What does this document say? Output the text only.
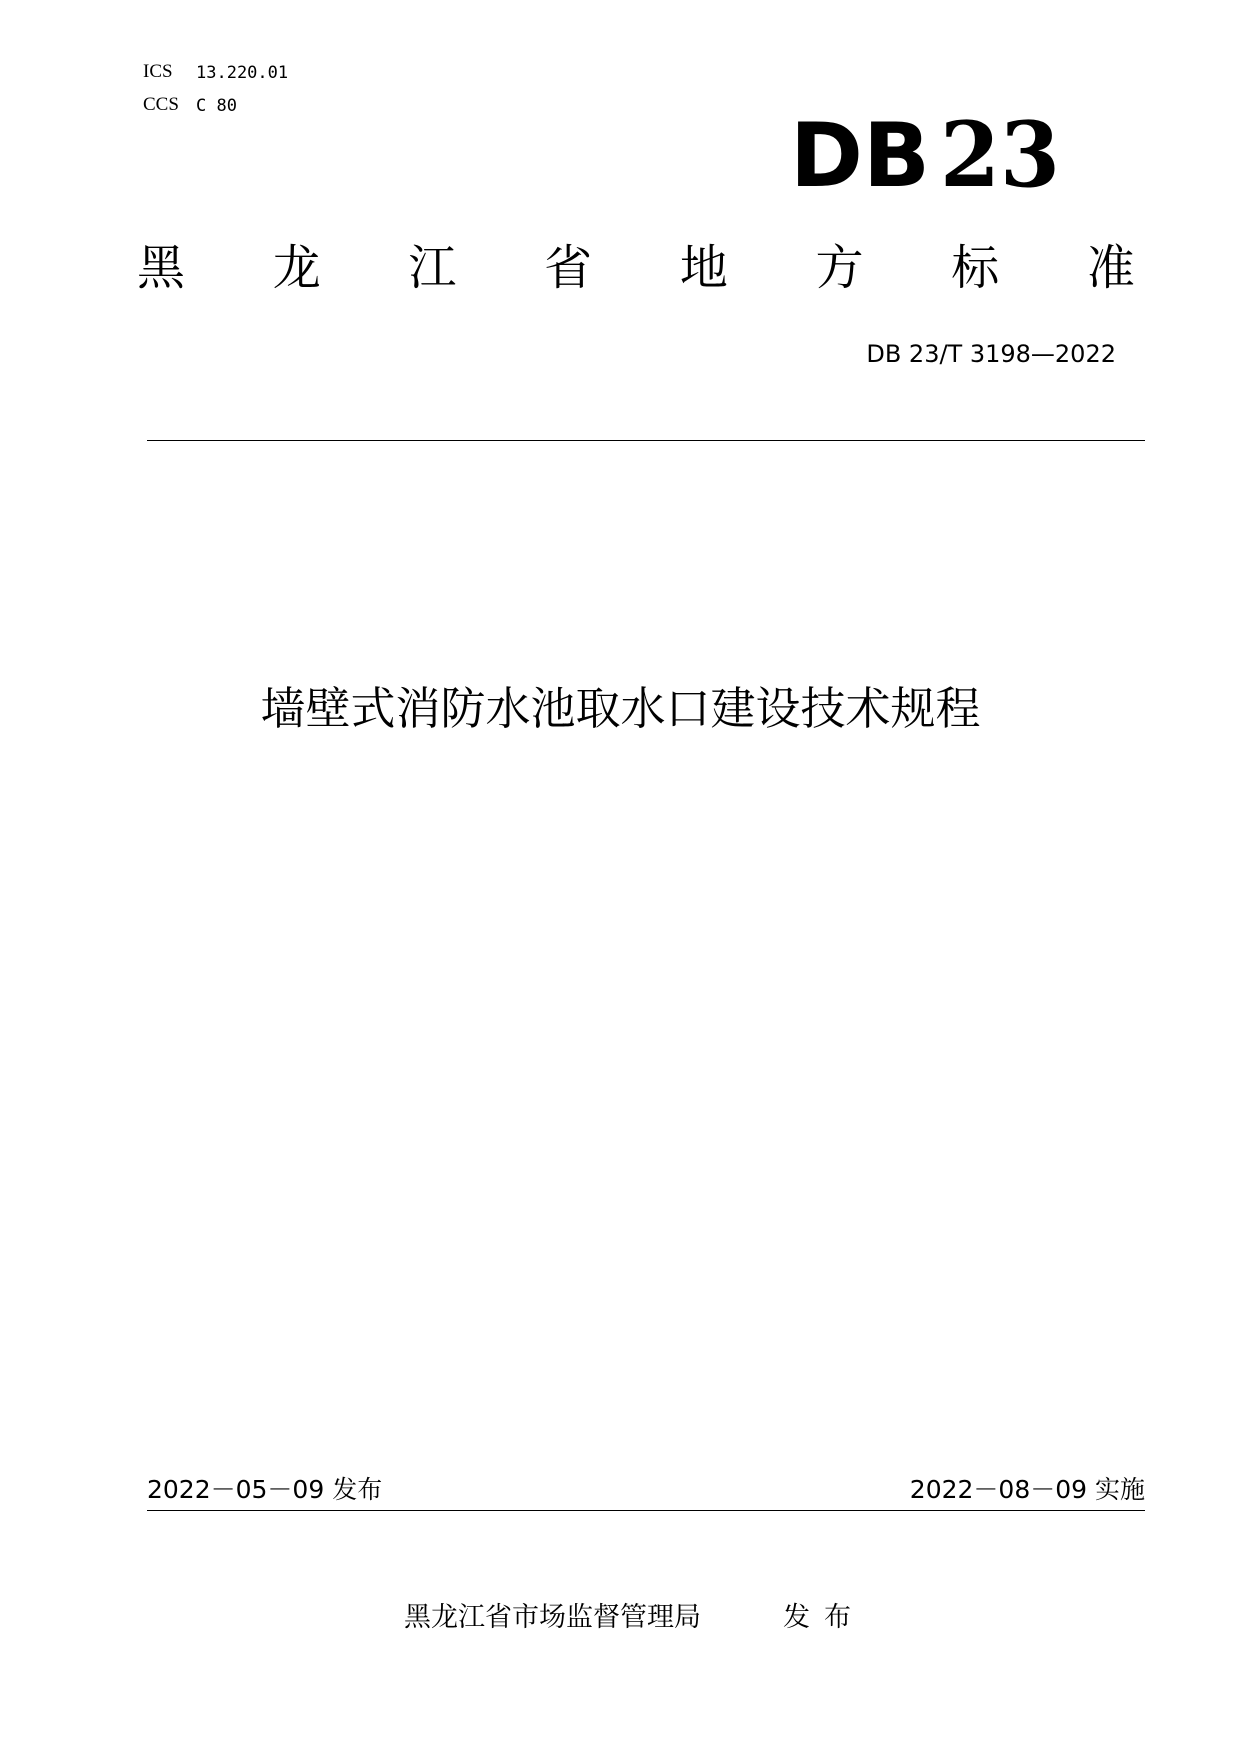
ICS 13.220.01
CCS C 80	DB 23
黑 龙 江 省 地 方 标 准
DB 23/T 3198—2022
墙壁式消防水池取水口建设技术规程
2022－05－09 发布	2022－08－09 实施
黑龙江省市场监督管理局	发布
